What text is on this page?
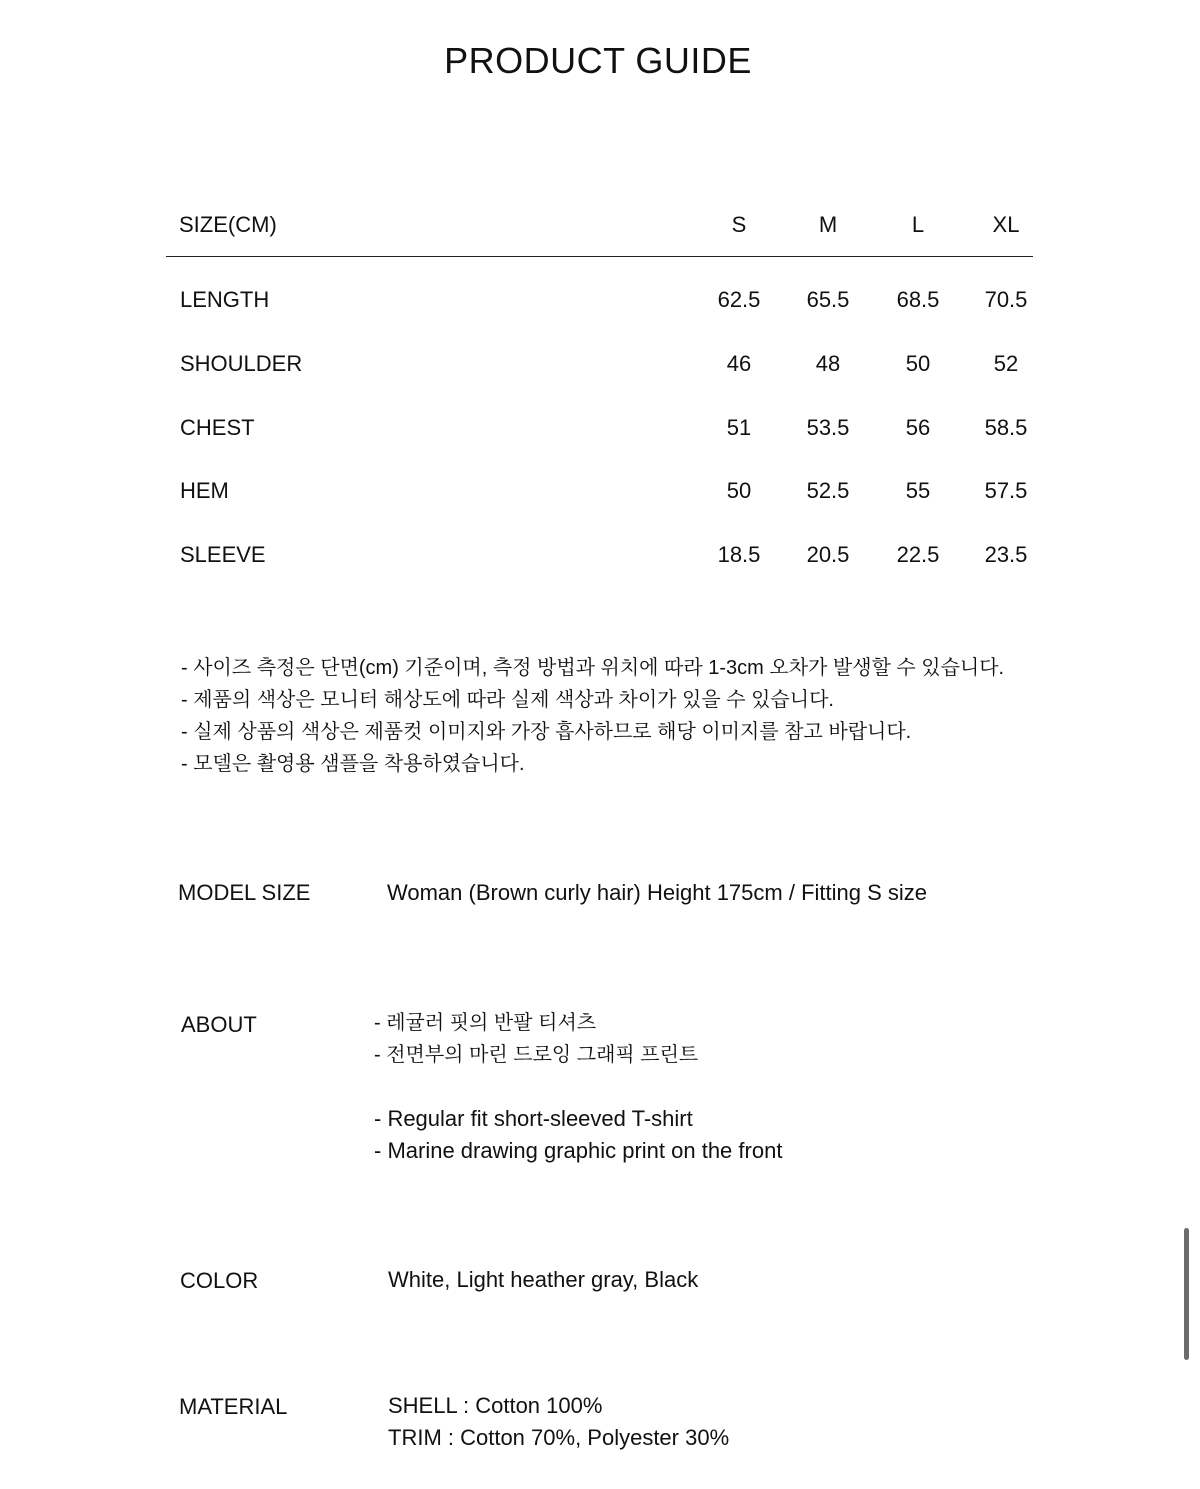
PRODUCT GUIDE
SIZE(CM)	S	M	L	XL
LENGTH	62.5	65.5	68.5	70.5
SHOULDER	46	48	50	52
CHEST	51	53.5	56	58.5
HEM	50	52.5	55	57.5
SLEEVE	18.5	20.5	22.5	23.5
- 사이즈 측정은 단면(cm) 기준이며, 측정 방법과 위치에 따라 1-3cm 오차가 발생할 수 있습니다.
- 제품의 색상은 모니터 해상도에 따라 실제 색상과 차이가 있을 수 있습니다.
- 실제 상품의 색상은 제품컷 이미지와 가장 흡사하므로 해당 이미지를 참고 바랍니다.
- 모델은 촬영용 샘플을 착용하였습니다.
MODEL SIZE	Woman (Brown curly hair) Height 175cm / Fitting S size
ABOUT	- 레귤러 핏의 반팔 티셔츠
- 전면부의 마린 드로잉 그래픽 프린트
- Regular fit short-sleeved T-shirt
- Marine drawing graphic print on the front
COLOR	White, Light heather gray, Black
MATERIAL	SHELL : Cotton 100%
TRIM : Cotton 70%, Polyester 30%
